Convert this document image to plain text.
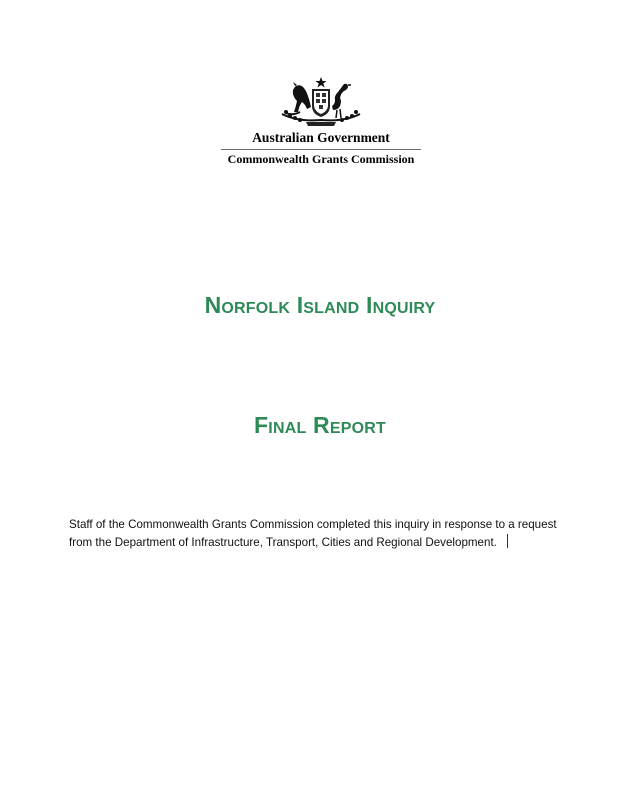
Australian Government
Commonwealth Grants Commission
Norfolk Island Inquiry
Final Report
Staff of the Commonwealth Grants Commission completed this inquiry in response to a request from the Department of Infrastructure, Transport, Cities and Regional Development.
